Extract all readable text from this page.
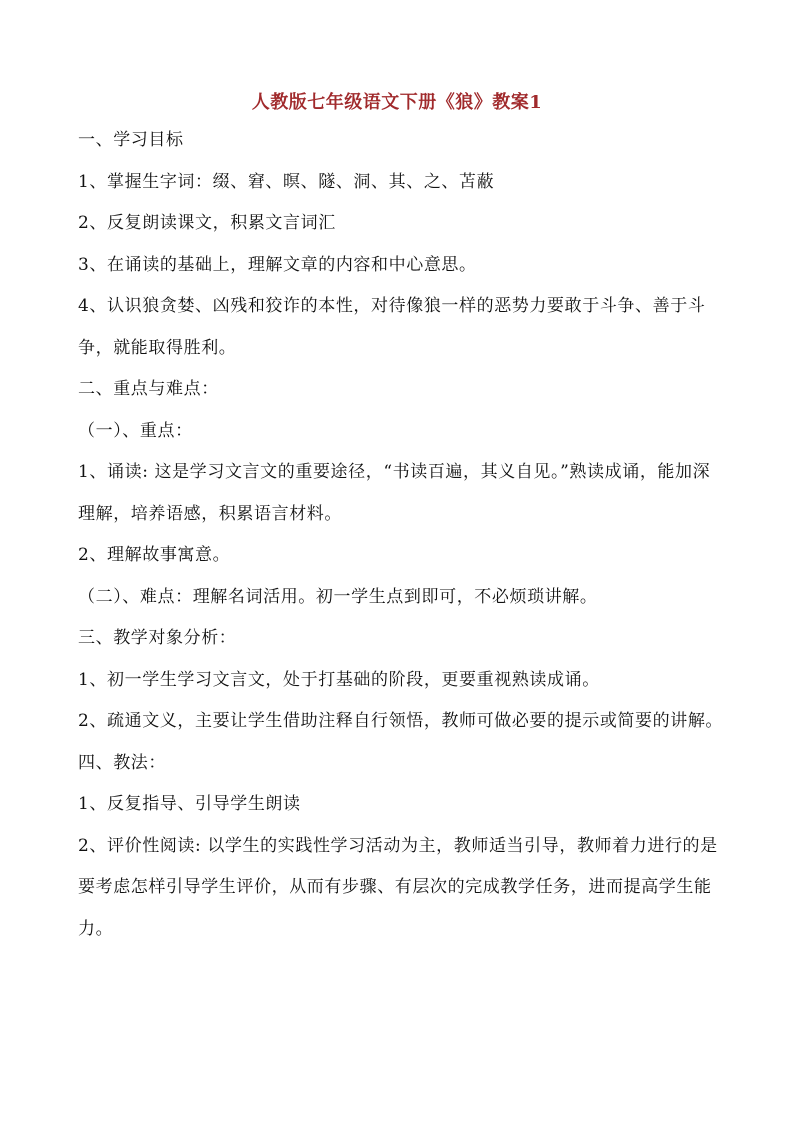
人教版七年级语文下册《狼》教案1

一、学习目标

1、掌握生字词：缀、窘、暝、隧、洞、其、之、苫蔽

2、反复朗读课文，积累文言词汇

3、在诵读的基础上，理解文章的内容和中心意思。

4、认识狼贪婪、凶残和狡诈的本性，对待像狼一样的恶势力要敢于斗争、善于斗争，就能取得胜利。

二、重点与难点：

（一）、重点：

1、诵读: 这是学习文言文的重要途径，“书读百遍，其义自见。”熟读成诵，能加深理解，培养语感，积累语言材料。

2、理解故事寓意。

（二）、难点：理解名词活用。初一学生点到即可，不必烦琐讲解。

三、教学对象分析：

1、初一学生学习文言文，处于打基础的阶段，更要重视熟读成诵。

2、疏通文义，主要让学生借助注释自行领悟，教师可做必要的提示或简要的讲解。

四、教法：

1、反复指导、引导学生朗读

2、评价性阅读: 以学生的实践性学习活动为主，教师适当引导，教师着力进行的是要考虑怎样引导学生评价，从而有步骤、有层次的完成教学任务，进而提高学生能力。
